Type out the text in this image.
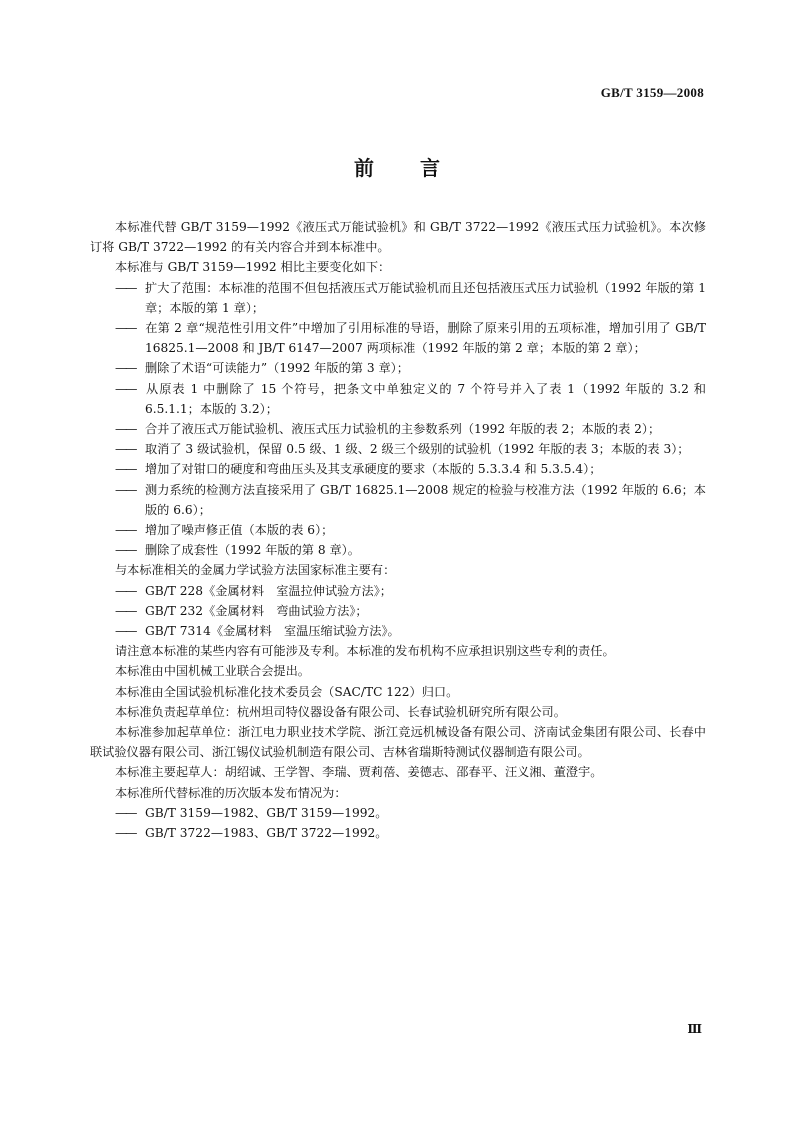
GB/T 3159—2008
前 言

本标准代替 GB/T 3159—1992《液压式万能试验机》和 GB/T 3722—1992《液压式压力试验机》。本次修订将 GB/T 3722—1992 的有关内容合并到本标准中。

本标准与 GB/T 3159—1992 相比主要变化如下：

—— 扩大了范围：本标准的范围不但包括液压式万能试验机而且还包括液压式压力试验机（1992 年版的第 1 章；本版的第 1 章）；

—— 在第 2 章“规范性引用文件”中增加了引用标准的导语，删除了原来引用的五项标准，增加引用了 GB/T 16825.1—2008 和 JB/T 6147—2007 两项标准（1992 年版的第 2 章；本版的第 2 章）；

—— 删除了术语“可读能力”（1992 年版的第 3 章）；

—— 从原表 1 中删除了 15 个符号，把条文中单独定义的 7 个符号并入了表 1（1992 年版的 3.2 和 6.5.1.1；本版的 3.2）；

—— 合并了液压式万能试验机、液压式压力试验机的主参数系列（1992 年版的表 2；本版的表 2）；

—— 取消了 3 级试验机，保留 0.5 级、1 级、2 级三个级别的试验机（1992 年版的表 3；本版的表 3）；

—— 增加了对钳口的硬度和弯曲压头及其支承硬度的要求（本版的 5.3.3.4 和 5.3.5.4）；

—— 测力系统的检测方法直接采用了 GB/T 16825.1—2008 规定的检验与校准方法（1992 年版的 6.6；本版的 6.6）；

—— 增加了噪声修正值（本版的表 6）；

—— 删除了成套性（1992 年版的第 8 章）。

与本标准相关的金属力学试验方法国家标准主要有：

—— GB/T 228《金属材料　室温拉伸试验方法》；

—— GB/T 232《金属材料　弯曲试验方法》；

—— GB/T 7314《金属材料　室温压缩试验方法》。

请注意本标准的某些内容有可能涉及专利。本标准的发布机构不应承担识别这些专利的责任。

本标准由中国机械工业联合会提出。

本标准由全国试验机标准化技术委员会（SAC/TC 122）归口。

本标准负责起草单位：杭州坦司特仪器设备有限公司、长春试验机研究所有限公司。

本标准参加起草单位：浙江电力职业技术学院、浙江竞远机械设备有限公司、济南试金集团有限公司、长春中联试验仪器有限公司、浙江锡仪试验机制造有限公司、吉林省瑞斯特测试仪器制造有限公司。

本标准主要起草人：胡绍诚、王学智、李瑞、贾莉蓓、姜德志、邵春平、汪义湘、董澄宇。

本标准所代替标准的历次版本发布情况为：

—— GB/T 3159—1982、GB/T 3159—1992。

—— GB/T 3722—1983、GB/T 3722—1992。

Ⅲ
